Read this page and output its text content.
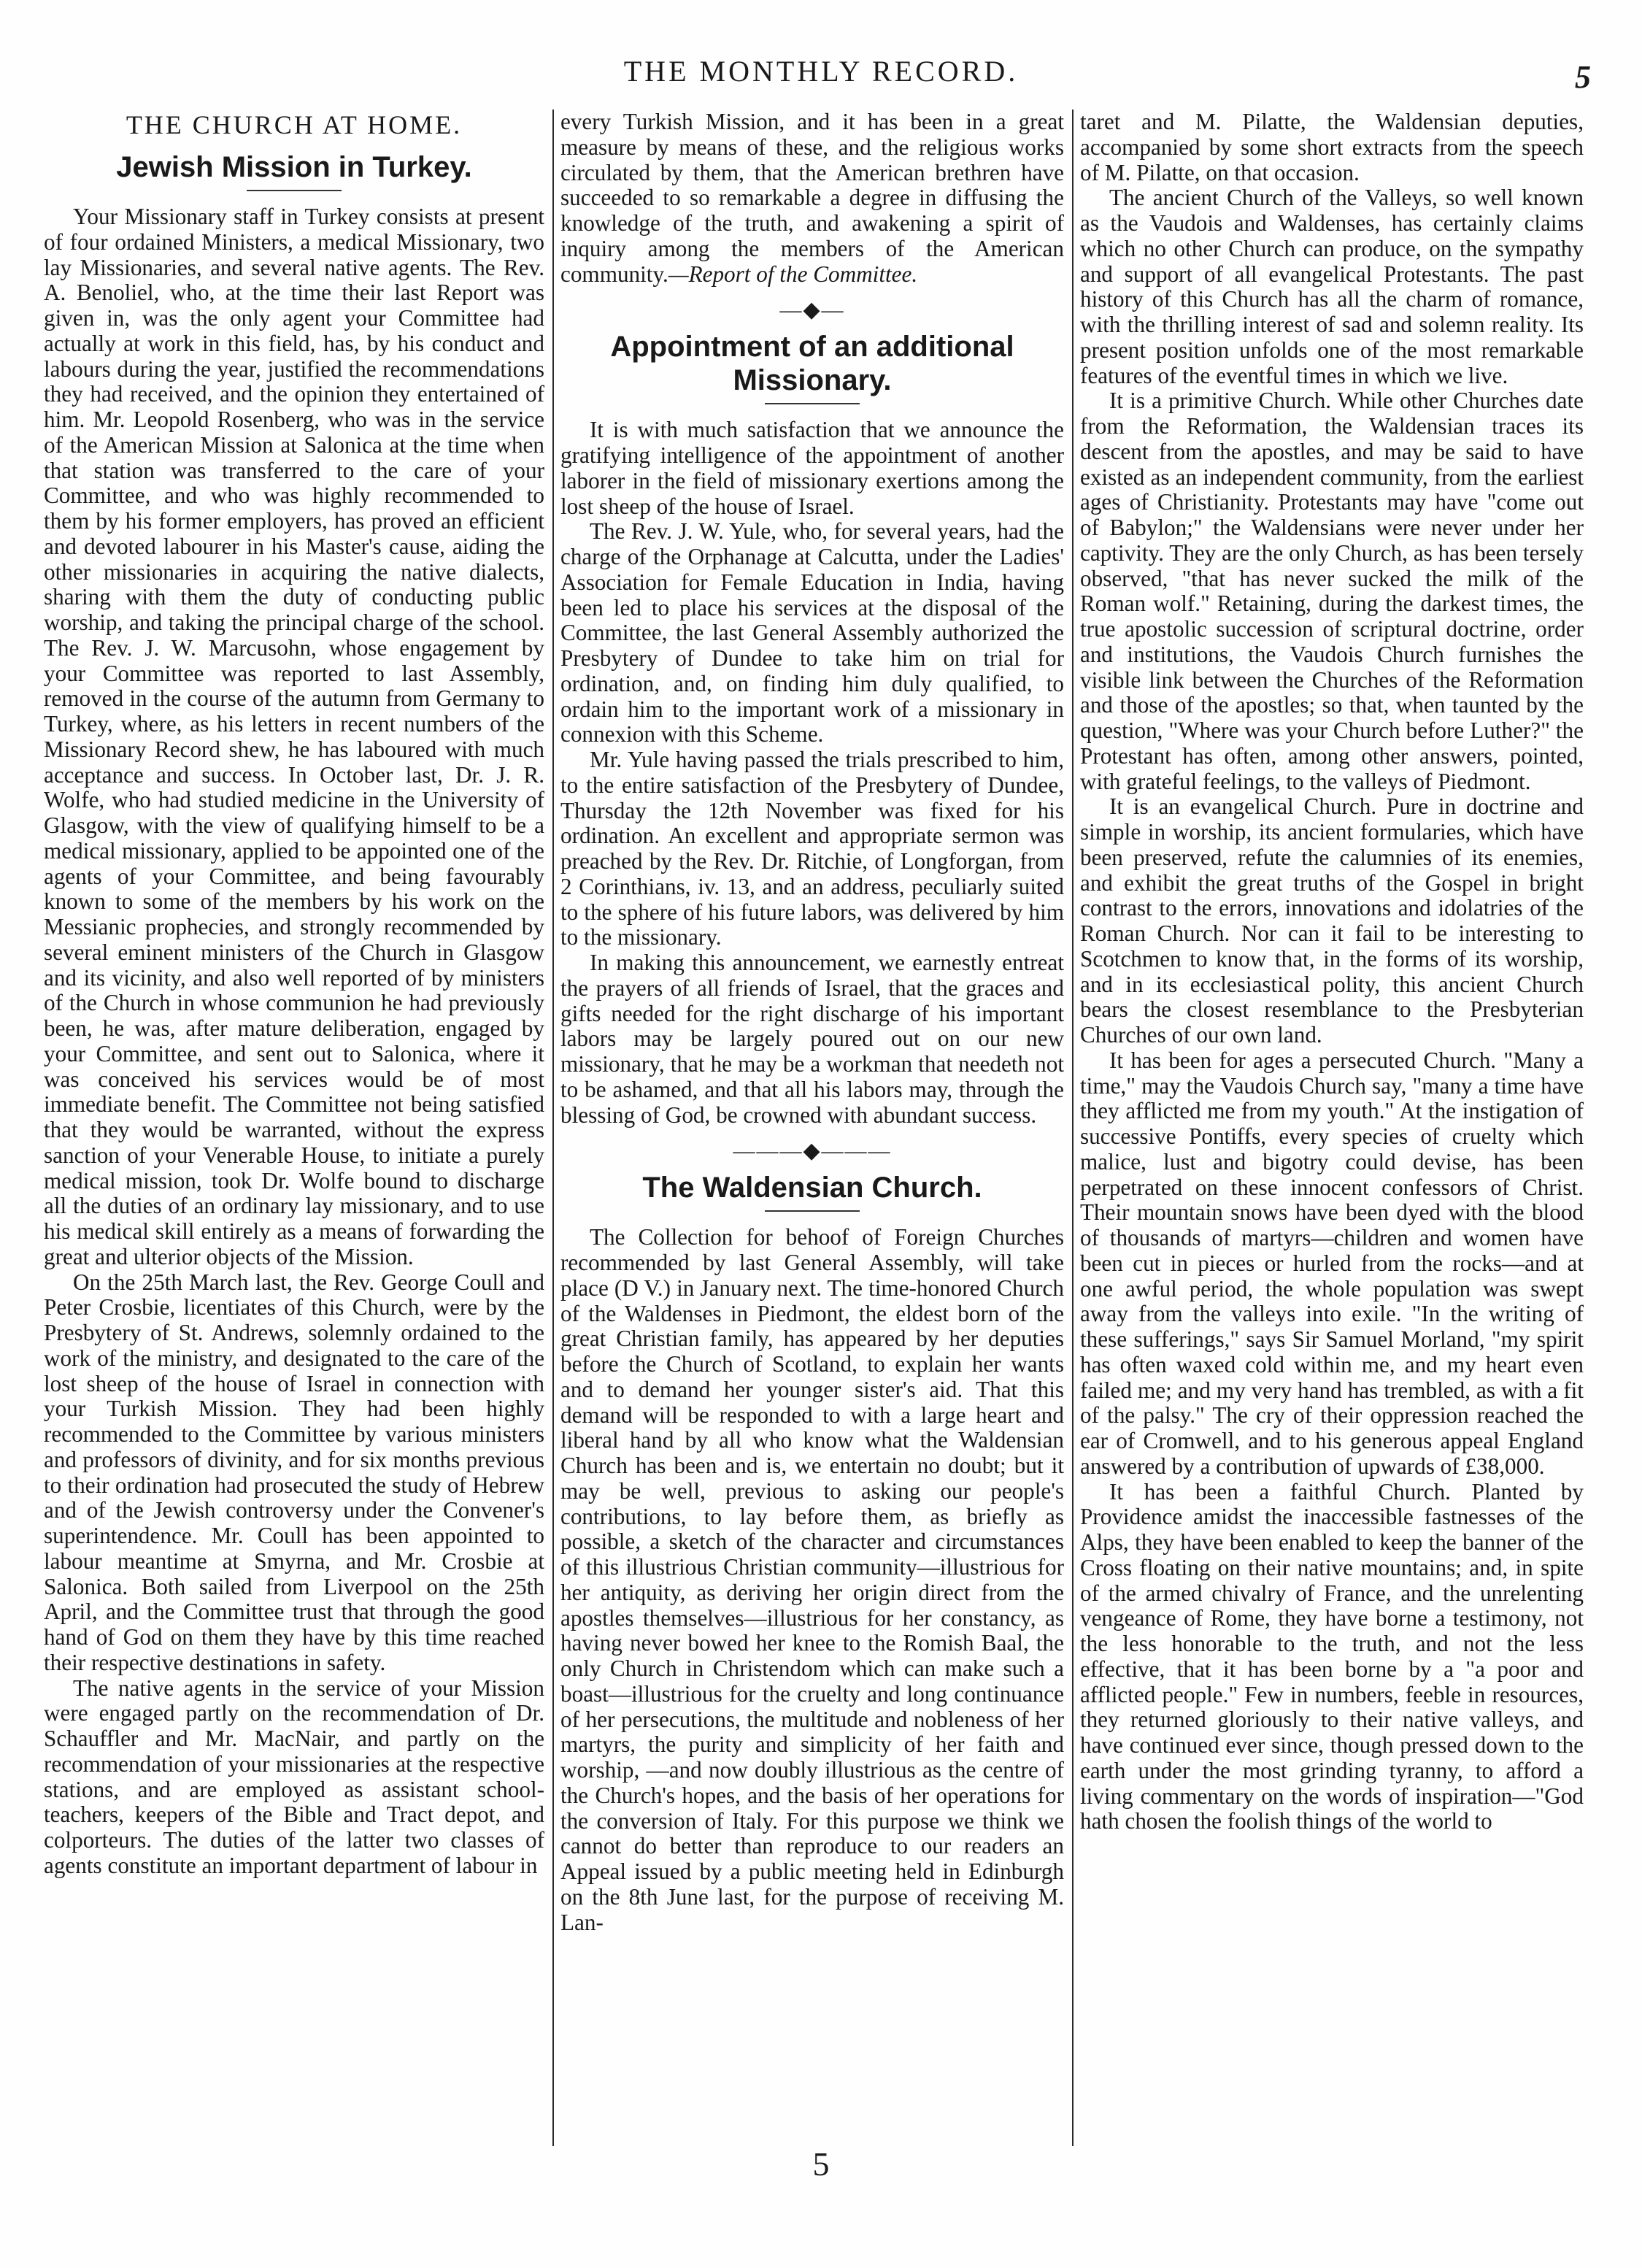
THE MONTHLY RECORD.	5
THE CHURCH AT HOME.
Jewish Mission in Turkey.

Your Missionary staff in Turkey consists at present of four ordained Ministers, a medical Missionary, two lay Missionaries, and several native agents. The Rev. A. Benoliel, who, at the time their last Report was given in, was the only agent your Committee had actually at work in this field, has, by his conduct and labours during the year, justified the recommendations they had received, and the opinion they entertained of him. Mr. Leopold Rosenberg, who was in the service of the American Mission at Salonica at the time when that station was transferred to the care of your Committee, and who was highly recommended to them by his former employers, has proved an efficient and devoted labourer in his Master's cause, aiding the other missionaries in acquiring the native dialects, sharing with them the duty of conducting public worship, and taking the principal charge of the school. The Rev. J. W. Marcusohn, whose engagement by your Committee was reported to last Assembly, removed in the course of the autumn from Germany to Turkey, where, as his letters in recent numbers of the Missionary Record shew, he has laboured with much acceptance and success. In October last, Dr. J. R. Wolfe, who had studied medicine in the University of Glasgow, with the view of qualifying himself to be a medical missionary, applied to be appointed one of the agents of your Committee, and being favourably known to some of the members by his work on the Messianic prophecies, and strongly recommended by several eminent ministers of the Church in Glasgow and its vicinity, and also well reported of by ministers of the Church in whose communion he had previously been, he was, after mature deliberation, engaged by your Committee, and sent out to Salonica, where it was conceived his services would be of most immediate benefit. The Committee not being satisfied that they would be warranted, without the express sanction of your Venerable House, to initiate a purely medical mission, took Dr. Wolfe bound to discharge all the duties of an ordinary lay missionary, and to use his medical skill entirely as a means of forwarding the great and ulterior objects of the Mission.

On the 25th March last, the Rev. George Coull and Peter Crosbie, licentiates of this Church, were by the Presbytery of St. Andrews, solemnly ordained to the work of the ministry, and designated to the care of the lost sheep of the house of Israel in connection with your Turkish Mission. They had been highly recommended to the Committee by various ministers and professors of divinity, and for six months previous to their ordination had prosecuted the study of Hebrew and of the Jewish controversy under the Convener's superintendence. Mr. Coull has been appointed to labour meantime at Smyrna, and Mr. Crosbie at Salonica. Both sailed from Liverpool on the 25th April, and the Committee trust that through the good hand of God on them they have by this time reached their respective destinations in safety.

The native agents in the service of your Mission were engaged partly on the recommendation of Dr. Schauffler and Mr. MacNair, and partly on the recommendation of your missionaries at the respective stations, and are employed as assistant school-teachers, keepers of the Bible and Tract depot, and colporteurs. The duties of the latter two classes of agents constitute an important department of labour in

every Turkish Mission, and it has been in a great measure by means of these, and the religious works circulated by them, that the American brethren have succeeded to so remarkable a degree in diffusing the knowledge of the truth, and awakening a spirit of inquiry among the members of the American community.—Report of the Committee.

—◆—
Appointment of an additional Missionary.

It is with much satisfaction that we announce the gratifying intelligence of the appointment of another laborer in the field of missionary exertions among the lost sheep of the house of Israel.

The Rev. J. W. Yule, who, for several years, had the charge of the Orphanage at Calcutta, under the Ladies' Association for Female Education in India, having been led to place his services at the disposal of the Committee, the last General Assembly authorized the Presbytery of Dundee to take him on trial for ordination, and, on finding him duly qualified, to ordain him to the important work of a missionary in connexion with this Scheme.

Mr. Yule having passed the trials prescribed to him, to the entire satisfaction of the Presbytery of Dundee, Thursday the 12th November was fixed for his ordination. An excellent and appropriate sermon was preached by the Rev. Dr. Ritchie, of Longforgan, from 2 Corinthians, iv. 13, and an address, peculiarly suited to the sphere of his future labors, was delivered by him to the missionary.

In making this announcement, we earnestly entreat the prayers of all friends of Israel, that the graces and gifts needed for the right discharge of his important labors may be largely poured out on our new missionary, that he may be a workman that needeth not to be ashamed, and that all his labors may, through the blessing of God, be crowned with abundant success.

———◆———
The Waldensian Church.

The Collection for behoof of Foreign Churches recommended by last General Assembly, will take place (D V.) in January next. The time-honored Church of the Waldenses in Piedmont, the eldest born of the great Christian family, has appeared by her deputies before the Church of Scotland, to explain her wants and to demand her younger sister's aid. That this demand will be responded to with a large heart and liberal hand by all who know what the Waldensian Church has been and is, we entertain no doubt; but it may be well, previous to asking our people's contributions, to lay before them, as briefly as possible, a sketch of the character and circumstances of this illustrious Christian community—illustrious for her antiquity, as deriving her origin direct from the apostles themselves—illustrious for her constancy, as having never bowed her knee to the Romish Baal, the only Church in Christendom which can make such a boast—illustrious for the cruelty and long continuance of her persecutions, the multitude and nobleness of her martyrs, the purity and simplicity of her faith and worship, —and now doubly illustrious as the centre of the Church's hopes, and the basis of her operations for the conversion of Italy. For this purpose we think we cannot do better than reproduce to our readers an Appeal issued by a public meeting held in Edinburgh on the 8th June last, for the purpose of receiving M. Lan-

taret and M. Pilatte, the Waldensian deputies, accompanied by some short extracts from the speech of M. Pilatte, on that occasion.

The ancient Church of the Valleys, so well known as the Vaudois and Waldenses, has certainly claims which no other Church can produce, on the sympathy and support of all evangelical Protestants. The past history of this Church has all the charm of romance, with the thrilling interest of sad and solemn reality. Its present position unfolds one of the most remarkable features of the eventful times in which we live.

It is a primitive Church. While other Churches date from the Reformation, the Waldensian traces its descent from the apostles, and may be said to have existed as an independent community, from the earliest ages of Christianity. Protestants may have "come out of Babylon;" the Waldensians were never under her captivity. They are the only Church, as has been tersely observed, "that has never sucked the milk of the Roman wolf." Retaining, during the darkest times, the true apostolic succession of scriptural doctrine, order and institutions, the Vaudois Church furnishes the visible link between the Churches of the Reformation and those of the apostles; so that, when taunted by the question, "Where was your Church before Luther?" the Protestant has often, among other answers, pointed, with grateful feelings, to the valleys of Piedmont.

It is an evangelical Church. Pure in doctrine and simple in worship, its ancient formularies, which have been preserved, refute the calumnies of its enemies, and exhibit the great truths of the Gospel in bright contrast to the errors, innovations and idolatries of the Roman Church. Nor can it fail to be interesting to Scotchmen to know that, in the forms of its worship, and in its ecclesiastical polity, this ancient Church bears the closest resemblance to the Presbyterian Churches of our own land.

It has been for ages a persecuted Church. "Many a time," may the Vaudois Church say, "many a time have they afflicted me from my youth." At the instigation of successive Pontiffs, every species of cruelty which malice, lust and bigotry could devise, has been perpetrated on these innocent confessors of Christ. Their mountain snows have been dyed with the blood of thousands of martyrs—children and women have been cut in pieces or hurled from the rocks—and at one awful period, the whole population was swept away from the valleys into exile. "In the writing of these sufferings," says Sir Samuel Morland, "my spirit has often waxed cold within me, and my heart even failed me; and my very hand has trembled, as with a fit of the palsy." The cry of their oppression reached the ear of Cromwell, and to his generous appeal England answered by a contribution of upwards of £38,000.

It has been a faithful Church. Planted by Providence amidst the inaccessible fastnesses of the Alps, they have been enabled to keep the banner of the Cross floating on their native mountains; and, in spite of the armed chivalry of France, and the unrelenting vengeance of Rome, they have borne a testimony, not the less honorable to the truth, and not the less effective, that it has been borne by a "a poor and afflicted people." Few in numbers, feeble in resources, they returned gloriously to their native valleys, and have continued ever since, though pressed down to the earth under the most grinding tyranny, to afford a living commentary on the words of inspiration—"God hath chosen the foolish things of the world to

5
